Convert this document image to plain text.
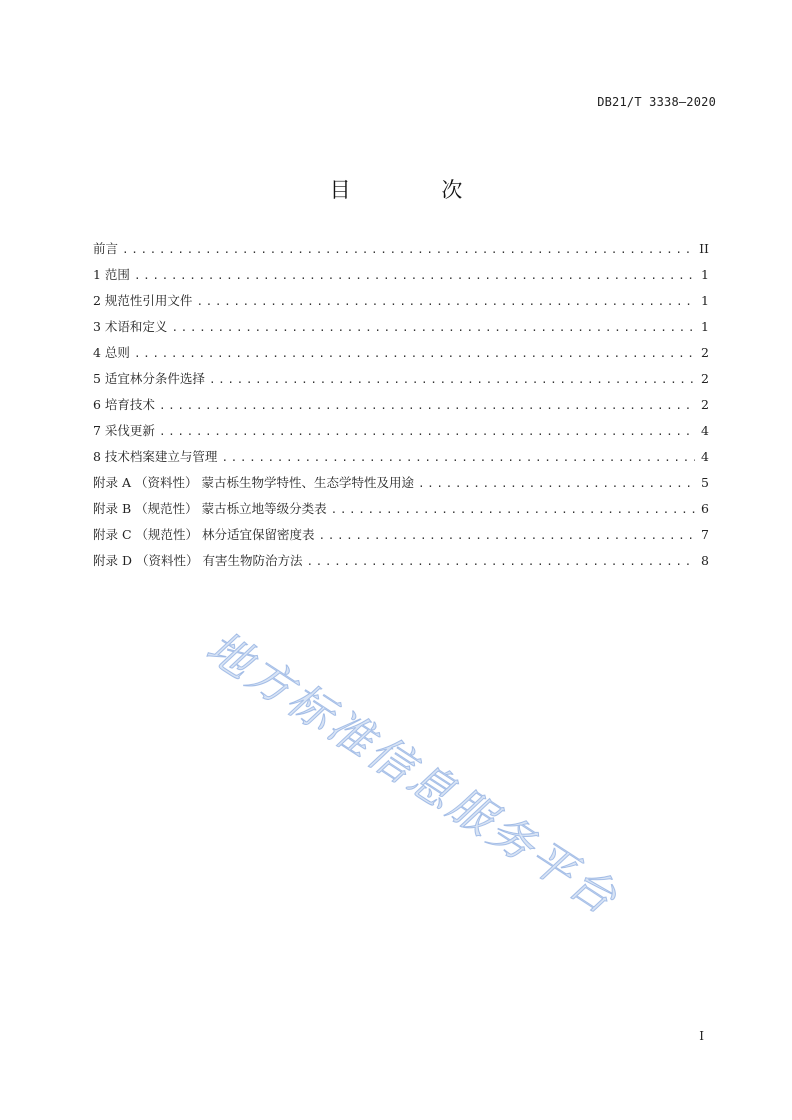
DB21/T 3338—2020
目 次
前言 .....	II
1 范围 .....	1
2 规范性引用文件 .....	1
3 术语和定义 .....	1
4 总则 .....	2
5 适宜林分条件选择 .....	2
6 培育技术 .....	2
7 采伐更新 .....	4
8 技术档案建立与管理 .....	4
附录 A （资料性） 蒙古栎生物学特性、生态学特性及用途 .....	5
附录 B （规范性） 蒙古栎立地等级分类表 .....	6
附录 C （规范性） 林分适宜保留密度表 .....	7
附录 D （资料性） 有害生物防治方法 .....	8
地方标准信息服务平台
I
